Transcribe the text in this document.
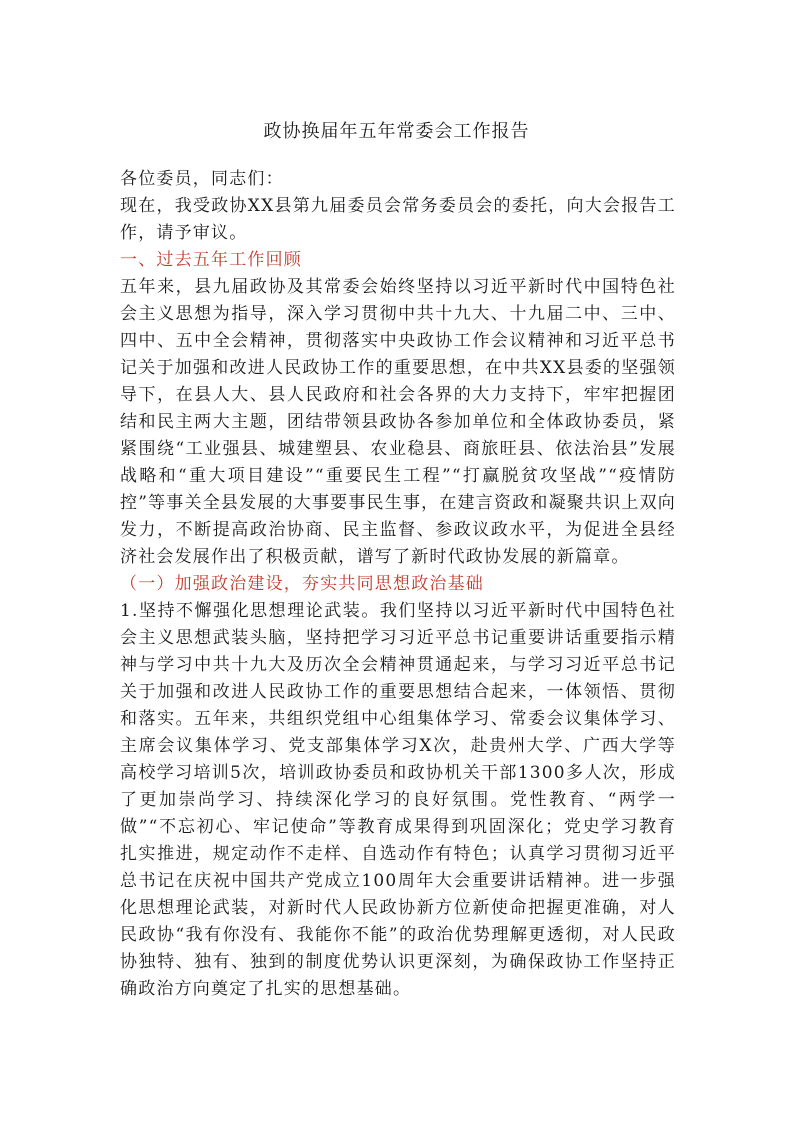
政协换届年五年常委会工作报告

各位委员，同志们：

现在，我受政协XX县第九届委员会常务委员会的委托，向大会报告工作，请予审议。

一、过去五年工作回顾

五年来，县九届政协及其常委会始终坚持以习近平新时代中国特色社会主义思想为指导，深入学习贯彻中共十九大、十九届二中、三中、四中、五中全会精神，贯彻落实中央政协工作会议精神和习近平总书记关于加强和改进人民政协工作的重要思想，在中共XX县委的坚强领导下，在县人大、县人民政府和社会各界的大力支持下，牢牢把握团结和民主两大主题，团结带领县政协各参加单位和全体政协委员，紧紧围绕“工业强县、城建塑县、农业稳县、商旅旺县、依法治县”发展战略和“重大项目建设”“重要民生工程”“打赢脱贫攻坚战”“疫情防控”等事关全县发展的大事要事民生事，在建言资政和凝聚共识上双向发力，不断提高政治协商、民主监督、参政议政水平，为促进全县经济社会发展作出了积极贡献，谱写了新时代政协发展的新篇章。

（一）加强政治建设，夯实共同思想政治基础

1.坚持不懈强化思想理论武装。我们坚持以习近平新时代中国特色社会主义思想武装头脑，坚持把学习习近平总书记重要讲话重要指示精神与学习中共十九大及历次全会精神贯通起来，与学习习近平总书记关于加强和改进人民政协工作的重要思想结合起来，一体领悟、贯彻和落实。五年来，共组织党组中心组集体学习、常委会议集体学习、主席会议集体学习、党支部集体学习X次，赴贵州大学、广西大学等高校学习培训5次，培训政协委员和政协机关干部1300多人次，形成了更加崇尚学习、持续深化学习的良好氛围。党性教育、“两学一做”“不忘初心、牢记使命”等教育成果得到巩固深化；党史学习教育扎实推进，规定动作不走样、自选动作有特色；认真学习贯彻习近平总书记在庆祝中国共产党成立100周年大会重要讲话精神。进一步强化思想理论武装，对新时代人民政协新方位新使命把握更准确，对人民政协“我有你没有、我能你不能”的政治优势理解更透彻，对人民政协独特、独有、独到的制度优势认识更深刻，为确保政协工作坚持正确政治方向奠定了扎实的思想基础。
